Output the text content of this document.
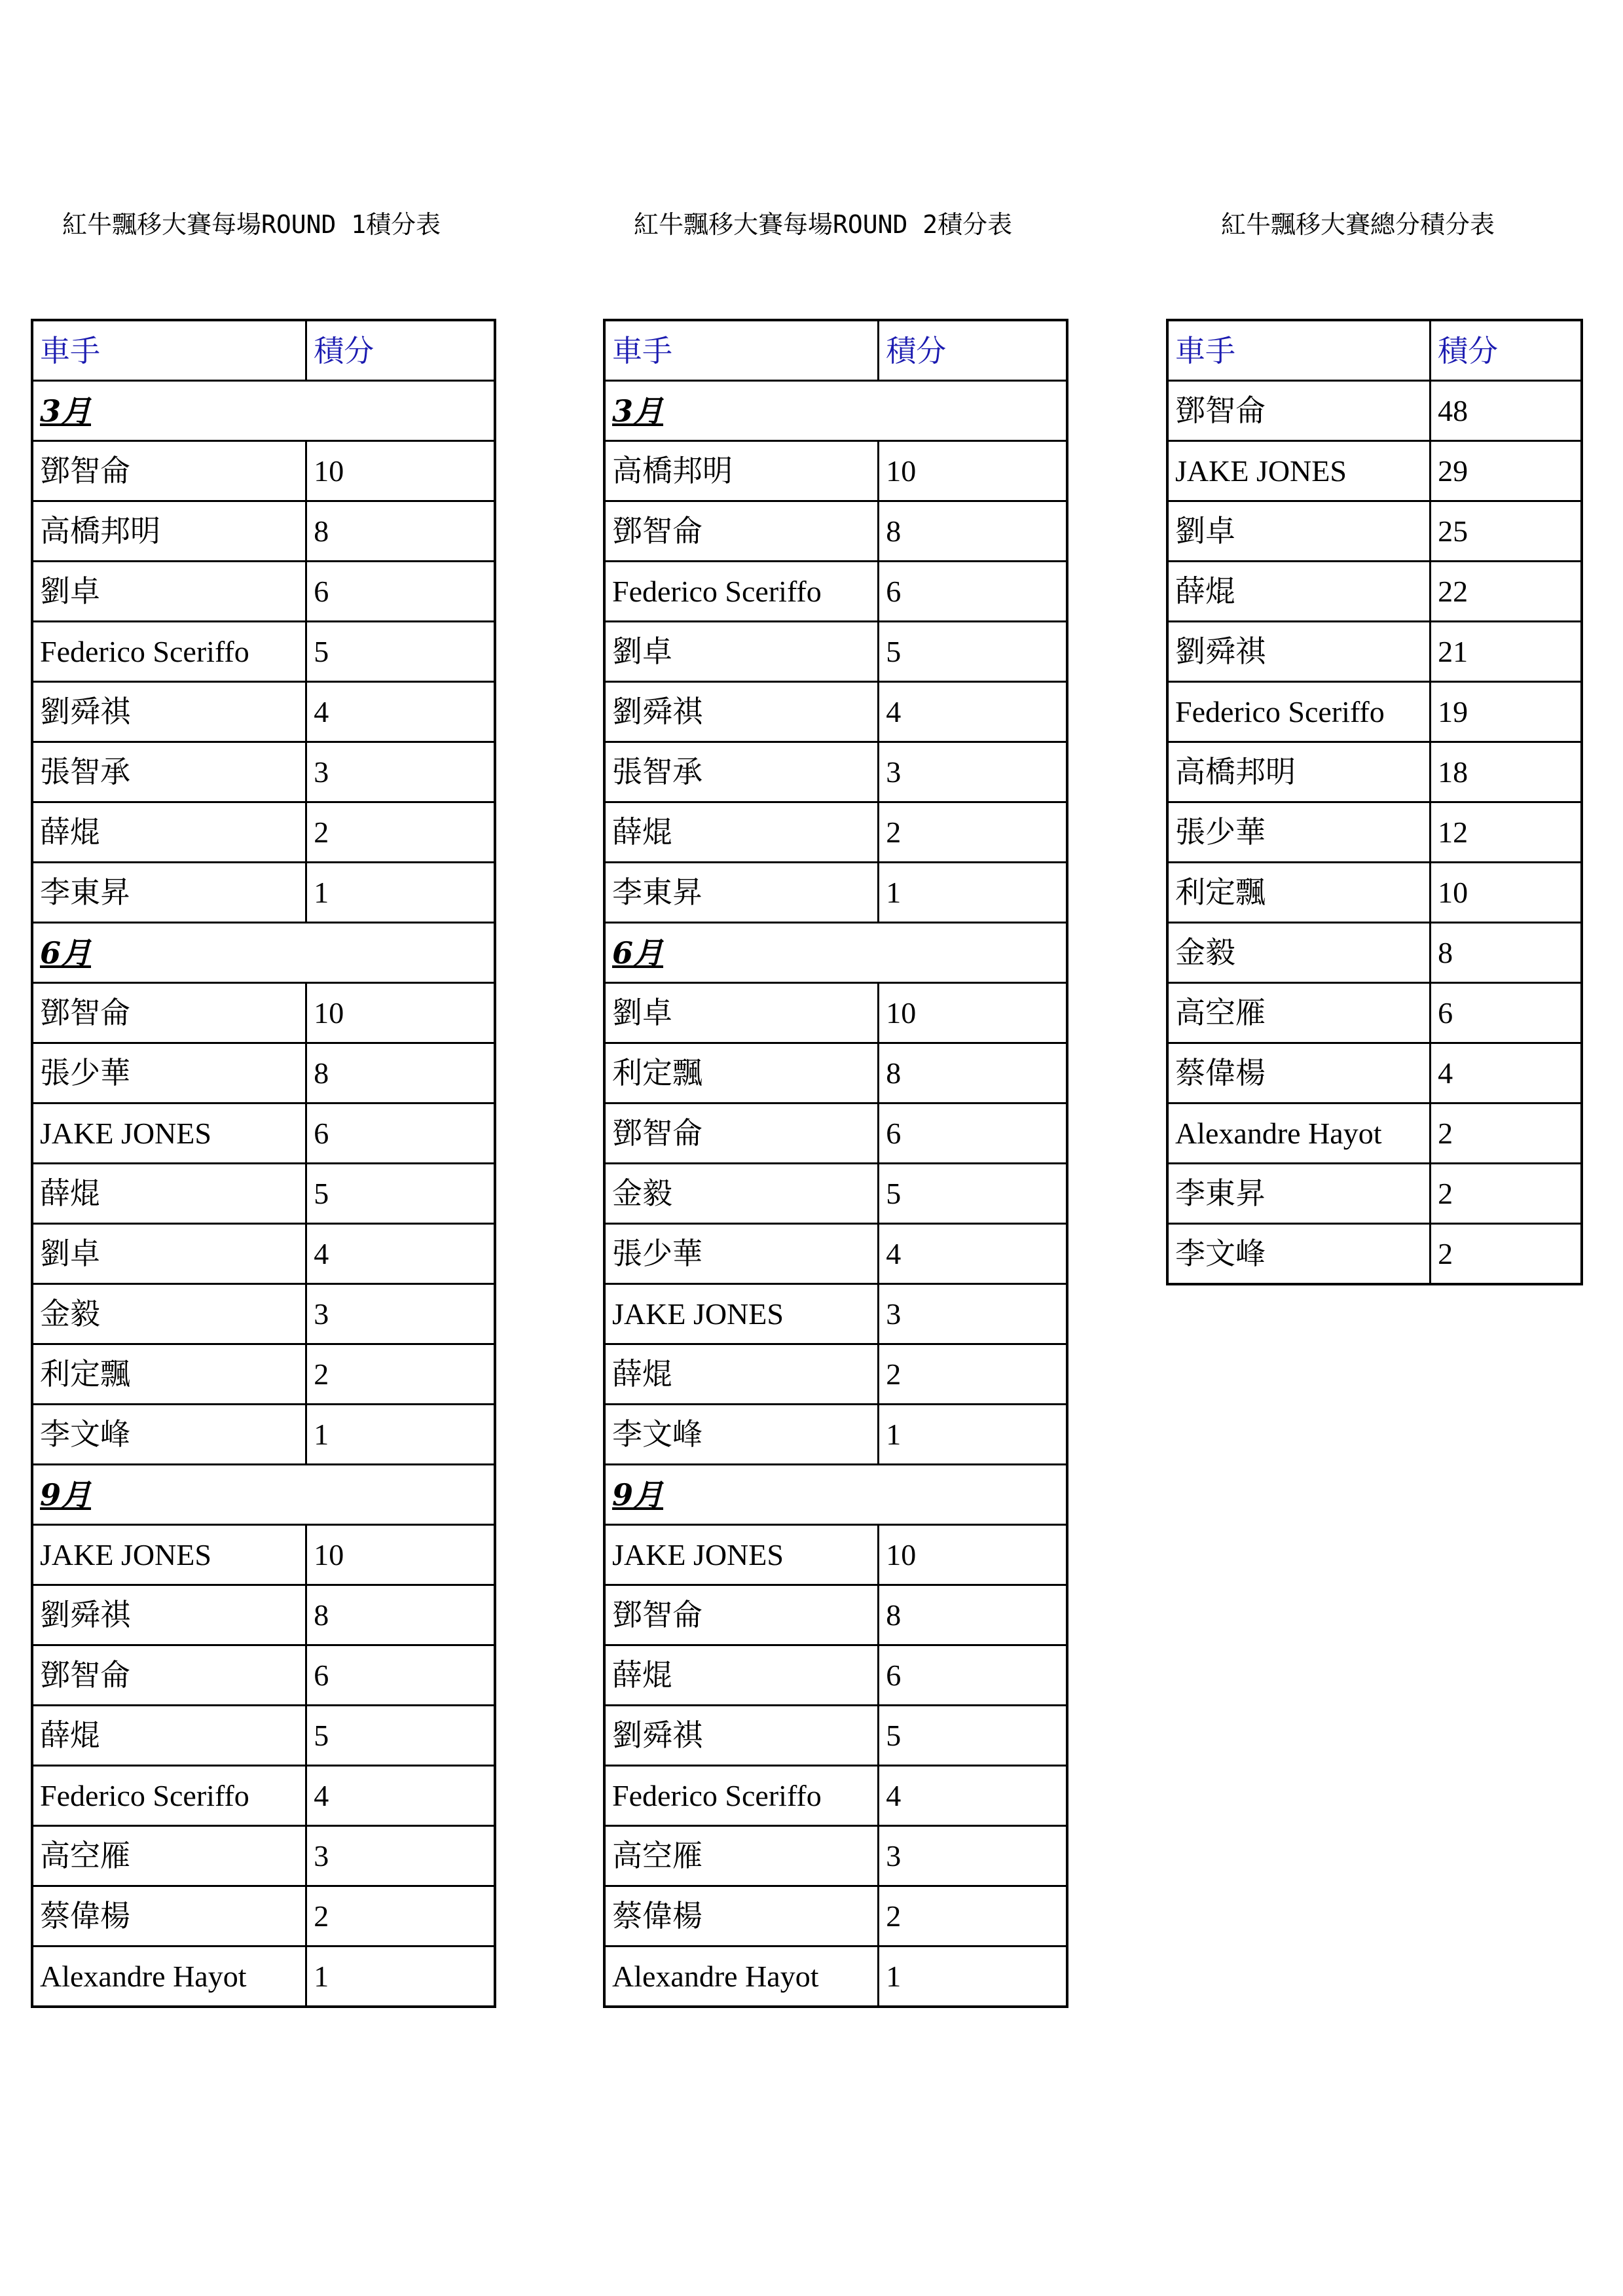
紅牛飄移大賽每場ROUND 1積分表
車手	積分
3月	
鄧智侖	10
高橋邦明	8
劉卓	6
Federico Sceriffo	5
劉舜祺	4
張智承	3
薛焜	2
李東昇	1
6月	
鄧智侖	10
張少華	8
JAKE JONES	6
薛焜	5
劉卓	4
金毅	3
利定飄	2
李文峰	1
9月	
JAKE JONES	10
劉舜祺	8
鄧智侖	6
薛焜	5
Federico Sceriffo	4
高空雁	3
蔡偉楊	2
Alexandre Hayot	1
紅牛飄移大賽每場ROUND 2積分表
車手	積分
3月	
高橋邦明	10
鄧智侖	8
Federico Sceriffo	6
劉卓	5
劉舜祺	4
張智承	3
薛焜	2
李東昇	1
6月	
劉卓	10
利定飄	8
鄧智侖	6
金毅	5
張少華	4
JAKE JONES	3
薛焜	2
李文峰	1
9月	
JAKE JONES	10
鄧智侖	8
薛焜	6
劉舜祺	5
Federico Sceriffo	4
高空雁	3
蔡偉楊	2
Alexandre Hayot	1
紅牛飄移大賽總分積分表
車手	積分
鄧智侖	48
JAKE JONES	29
劉卓	25
薛焜	22
劉舜祺	21
Federico Sceriffo	19
高橋邦明	18
張少華	12
利定飄	10
金毅	8
高空雁	6
蔡偉楊	4
Alexandre Hayot	2
李東昇	2
李文峰	2
